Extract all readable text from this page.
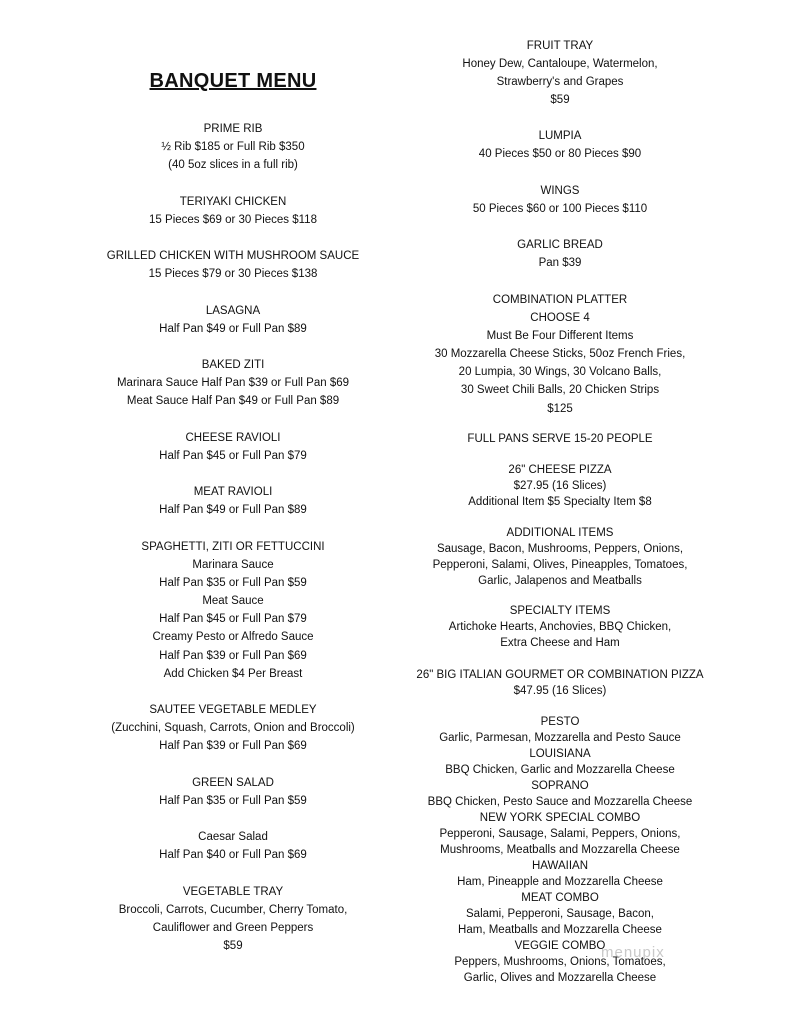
BANQUET MENU
PRIME RIB
½ Rib $185 or Full Rib $350
(40 5oz slices in a full rib)
TERIYAKI CHICKEN
15 Pieces $69 or 30 Pieces $118
GRILLED CHICKEN WITH MUSHROOM SAUCE
15 Pieces $79 or 30 Pieces $138
LASAGNA
Half Pan $49 or Full Pan $89
BAKED ZITI
Marinara Sauce Half Pan $39 or Full Pan $69
Meat Sauce Half Pan $49 or Full Pan $89
CHEESE RAVIOLI
Half Pan $45 or Full Pan $79
MEAT RAVIOLI
Half Pan $49 or Full Pan $89
SPAGHETTI, ZITI OR FETTUCCINI
Marinara Sauce
Half Pan $35 or Full Pan $59
Meat Sauce
Half Pan $45 or Full Pan $79
Creamy Pesto or Alfredo Sauce
Half Pan $39 or Full Pan $69
Add Chicken $4 Per Breast
SAUTEE VEGETABLE MEDLEY
(Zucchini, Squash, Carrots, Onion and Broccoli)
Half Pan $39 or Full Pan $69
GREEN SALAD
Half Pan $35 or Full Pan $59
Caesar Salad
Half Pan $40 or Full Pan $69
VEGETABLE TRAY
Broccoli, Carrots, Cucumber, Cherry Tomato,
Cauliflower and Green Peppers
$59
FRUIT TRAY
Honey Dew, Cantaloupe, Watermelon,
Strawberry's and Grapes
$59
LUMPIA
40 Pieces $50 or 80 Pieces $90
WINGS
50 Pieces $60 or 100 Pieces $110
GARLIC BREAD
Pan $39
COMBINATION PLATTER
CHOOSE 4
Must Be Four Different Items
30 Mozzarella Cheese Sticks, 50oz French Fries,
20 Lumpia, 30 Wings, 30 Volcano Balls,
30 Sweet Chili Balls, 20 Chicken Strips
$125
FULL PANS SERVE 15-20 PEOPLE
26" CHEESE PIZZA
$27.95 (16 Slices)
Additional Item $5 Specialty Item $8
ADDITIONAL ITEMS
Sausage, Bacon, Mushrooms, Peppers, Onions,
Pepperoni, Salami, Olives, Pineapples, Tomatoes,
Garlic, Jalapenos and Meatballs
SPECIALTY ITEMS
Artichoke Hearts, Anchovies, BBQ Chicken,
Extra Cheese and Ham
26" BIG ITALIAN GOURMET OR COMBINATION PIZZA
$47.95 (16 Slices)
PESTO
Garlic, Parmesan, Mozzarella and Pesto Sauce
LOUISIANA
BBQ Chicken, Garlic and Mozzarella Cheese
SOPRANO
BBQ Chicken, Pesto Sauce and Mozzarella Cheese
NEW YORK SPECIAL COMBO
Pepperoni, Sausage, Salami, Peppers, Onions,
Mushrooms, Meatballs and Mozzarella Cheese
HAWAIIAN
Ham, Pineapple and Mozzarella Cheese
MEAT COMBO
Salami, Pepperoni, Sausage, Bacon,
Ham, Meatballs and Mozzarella Cheese
VEGGIE COMBO
Peppers, Mushrooms, Onions, Tomatoes,
Garlic, Olives and Mozzarella Cheese
menupix
